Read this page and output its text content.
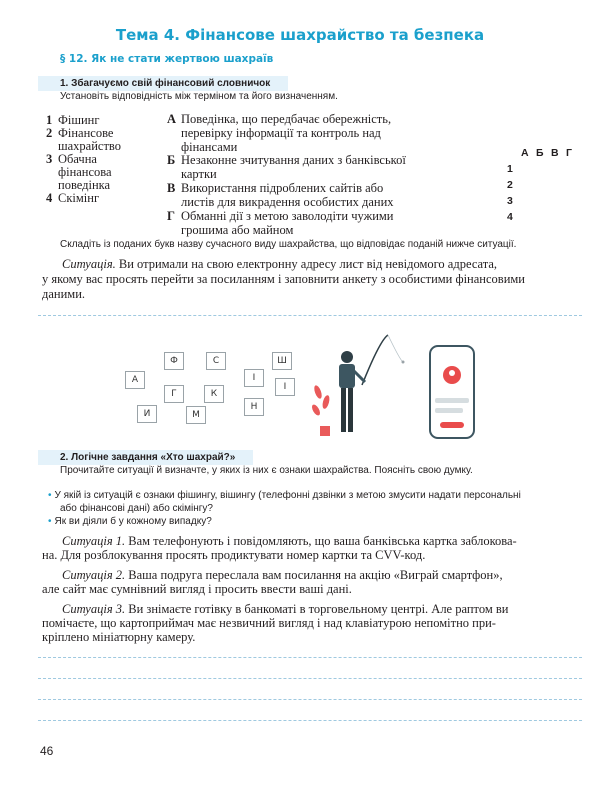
Тема 4. Фінансове шахрайство та безпека
§ 12. Як не стати жертвою шахраїв
1. Збагачуємо свій фінансовий словничок
Установіть відповідність між терміном та його визначенням.
1 Фішинг
2 Фінансове
шахрайство
3 Обачна
фінансова
поведінка
4 Скімінг
А Поведінка, що передбачає обережність,
перевірку інформації та контроль над
фінансами
Б Незаконне зчитування даних з банківської
картки
В Використання підроблених сайтів або
листів для викрадення особистих даних
Г Обманні дії з метою заволодіти чужими
грошима або майном
А Б В Г
1
2
3
4
Складіть із поданих букв назву сучасного виду шахрайства, що відповідає поданій нижче ситуації.
Ситуація. Ви отримали на свою електронну адресу лист від невідомого адресата,
у якому вас просять перейти за посиланням і заповнити анкету з особистими фінансовими
даними.
Ф	С	Ш
А	І
Г	К
І
И	М
Н
2. Логічне завдання «Хто шахрай?»
Прочитайте ситуації й визначте, у яких із них є ознаки шахрайства. Поясніть свою думку.
• У якій із ситуацій є ознаки фішингу, вішингу (телефонні дзвінки з метою змусити надати персональні
або фінансові дані) або скімінгу?
• Як ви діяли б у кожному випадку?
Ситуація 1. Вам телефонують і повідомляють, що ваша банківська картка заблокова-
на. Для розблокування просять продиктувати номер картки та CVV-код.
Ситуація 2. Ваша подруга переслала вам посилання на акцію «Виграй смартфон»,
але сайт має сумнівний вигляд і просить ввести ваші дані.
Ситуація 3. Ви знімаєте готівку в банкоматі в торговельному центрі. Але раптом ви
помічаєте, що картоприймач має незвичний вигляд і над клавіатурою непомітно при-
кріплено мініатюрну камеру.
46
